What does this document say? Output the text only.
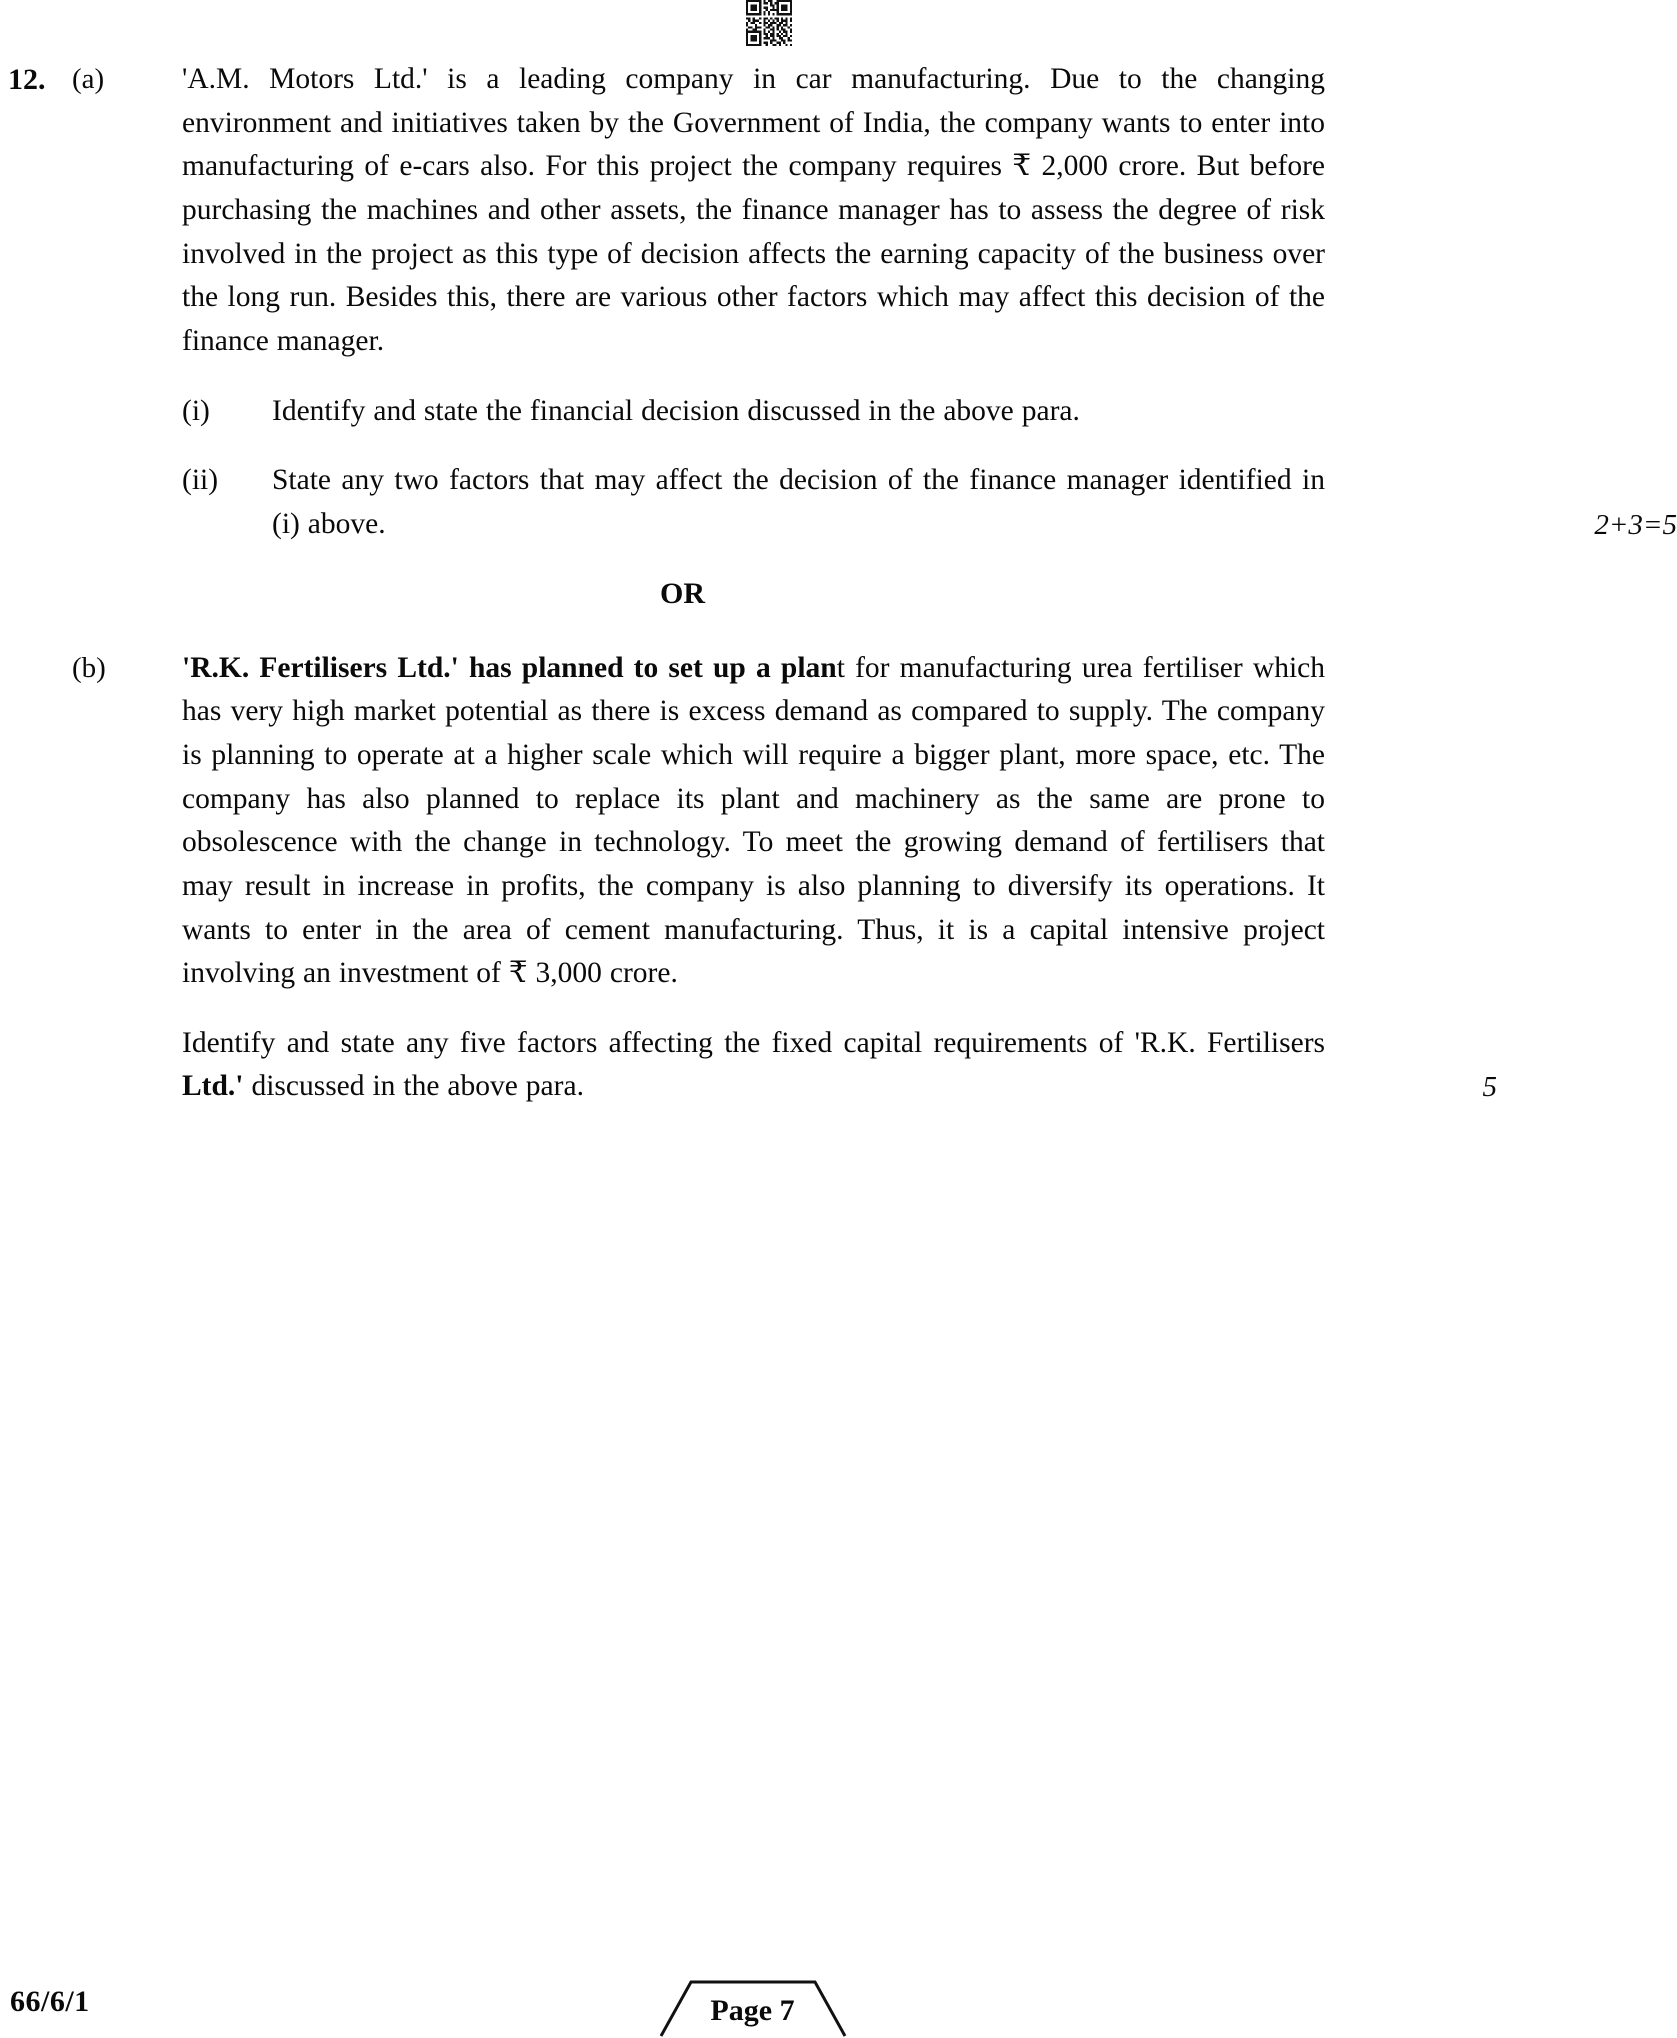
12. (a)	'A.M. Motors Ltd.' is a leading company in car manufacturing. Due to the changing environment and initiatives taken by the Government of India, the company wants to enter into manufacturing of e-cars also. For this project the company requires ₹ 2,000 crore. But before purchasing the machines and other assets, the finance manager has to assess the degree of risk involved in the project as this type of decision affects the earning capacity of the business over the long run. Besides this, there are various other factors which may affect this decision of the finance manager.

(i)	Identify and state the financial decision discussed in the above para.

(ii)	State any two factors that may affect the decision of the finance manager identified in (i) above.	2+3=5
OR
(b)	'R.K. Fertilisers Ltd.' has planned to set up a plant for manufacturing urea fertiliser which has very high market potential as there is excess demand as compared to supply. The company is planning to operate at a higher scale which will require a bigger plant, more space, etc. The company has also planned to replace its plant and machinery as the same are prone to obsolescence with the change in technology. To meet the growing demand of fertilisers that may result in increase in profits, the company is also planning to diversify its operations. It wants to enter in the area of cement manufacturing. Thus, it is a capital intensive project involving an investment of ₹ 3,000 crore.

Identify and state any five factors affecting the fixed capital requirements of 'R.K. Fertilisers Ltd.' discussed in the above para.	5
66/6/1	Page 7
